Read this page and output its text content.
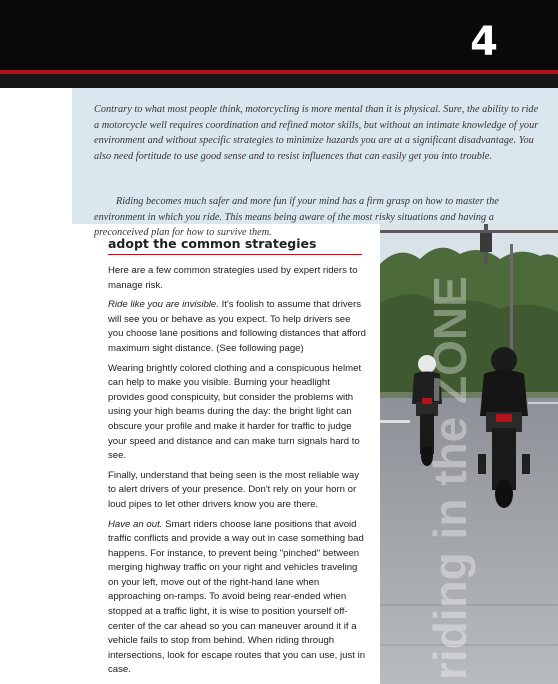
4

Contrary to what most people think, motorcycling is more mental than it is physical. Sure, the ability to ride a motorcycle well requires coordination and refined motor skills, but without an intimate knowledge of your environment and without specific strategies to minimize hazards you are at a significant disadvantage. You also need fortitude to use good sense and to resist influences that can easily get you into trouble.

Riding becomes much safer and more fun if your mind has a firm grasp on how to master the environment in which you ride. This means being aware of the most risky situations and having a preconceived plan for how to survive them.

adopt the common strategies

Here are a few common strategies used by expert riders to manage risk.

Ride like you are invisible. It's foolish to assume that drivers will see you or behave as you expect. To help drivers see you choose lane positions and following distances that afford maximum sight distance. (See following page)

Wearing brightly colored clothing and a conspicuous helmet can help to make you visible. Burning your headlight provides good conspicuity, but consider the problems with using your high beams during the day: the bright light can obscure your profile and make it harder for traffic to judge your speed and distance and can make turn signals hard to see.

Finally, understand that being seen is the most reliable way to alert drivers of your presence. Don't rely on your horn or loud pipes to let other drivers know you are there.

Have an out. Smart riders choose lane positions that avoid traffic conflicts and provide a way out in case something bad happens. For instance, to prevent being "pinched" between merging highway traffic on your right and vehicles traveling on your left, move out of the right-hand lane when approaching on-ramps. To avoid being rear-ended when stopped at a traffic light, it is wise to position yourself off-center of the car ahead so you can maneuver around it if a vehicle fails to stop from behind. When riding through intersections, look for escape routes that you can use, just in case.	riding in the ZONE
